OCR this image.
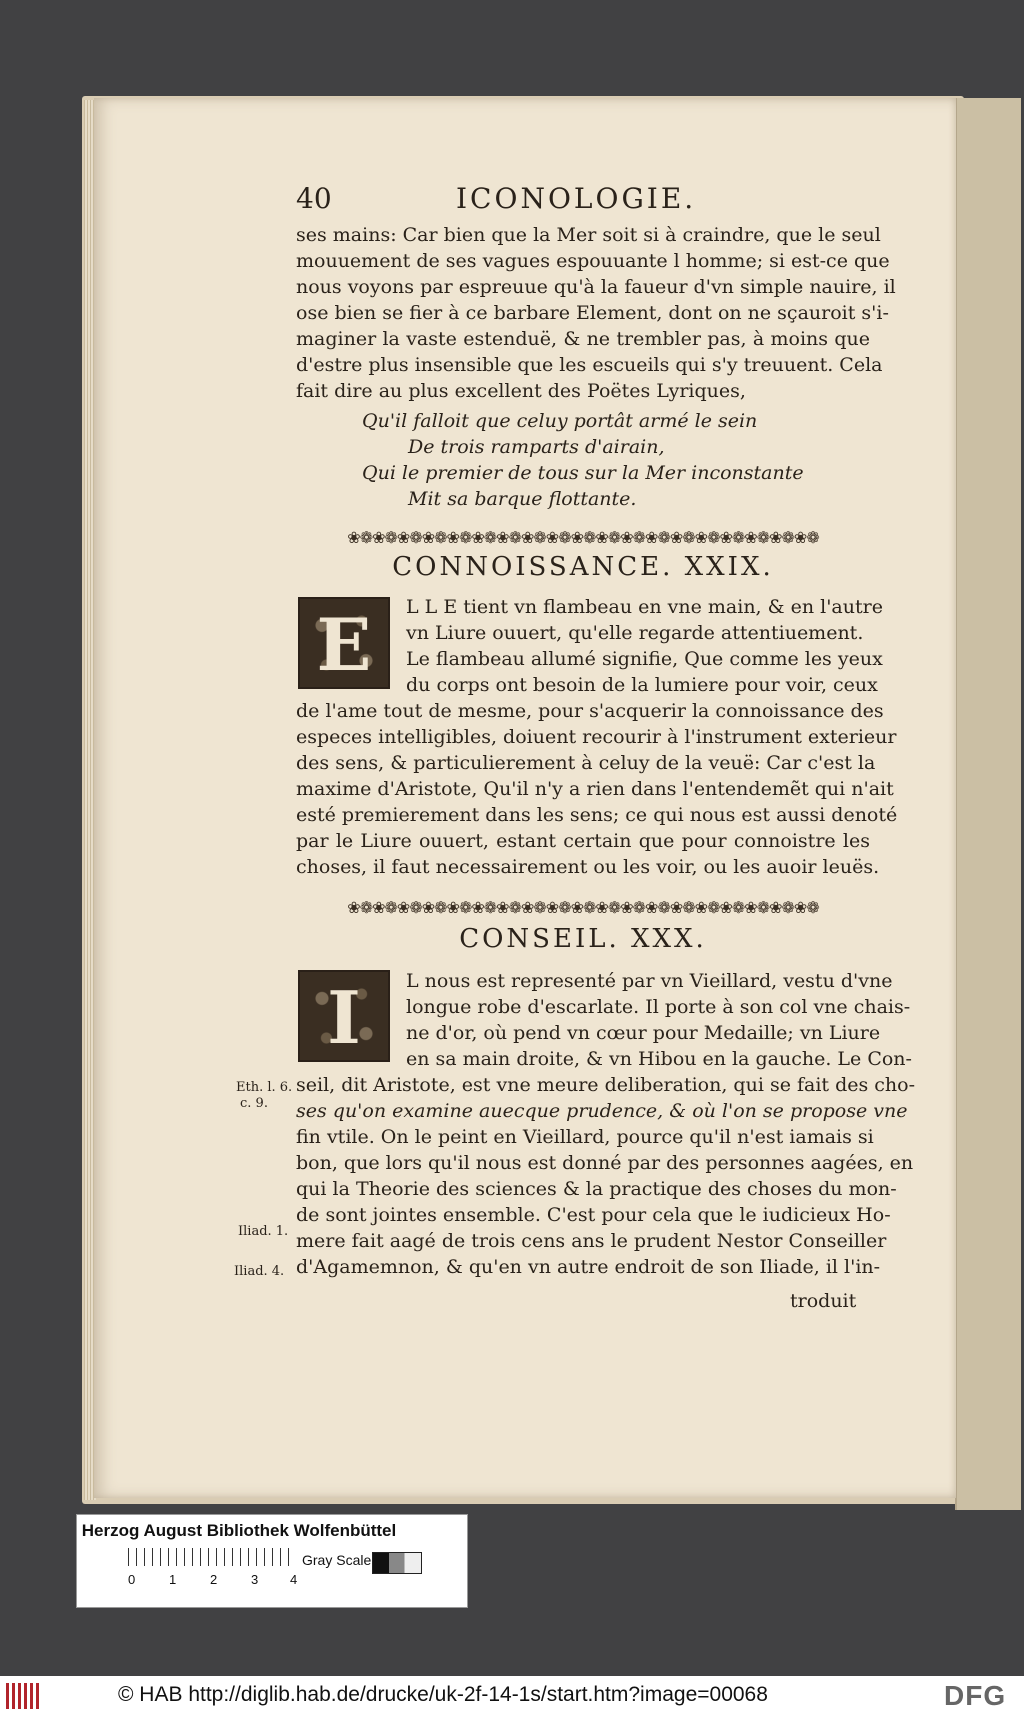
40	ICONOLOGIE.
ses mains: Car bien que la Mer soit si à craindre, que le seul
mouuement de ses vagues espouuante l homme; si est-ce que
nous voyons par espreuue qu'à la faueur d'vn simple nauire, il
ose bien se fier à ce barbare Element, dont on ne sçauroit s'i-
maginer la vaste estenduë, & ne trembler pas, à moins que
d'estre plus insensible que les escueils qui s'y treuuent. Cela
fait dire au plus excellent des Poëtes Lyriques,
Qu'il falloit que celuy portât armé le sein
De trois ramparts d'airain,
Qui le premier de tous sur la Mer inconstante
Mit sa barque flottante.
❀❁❀❁❀❁❀❁❀❁❀❁❀❁❀❁❀❁❀❁❀❁❀❁❀❁❀❁❀❁❀❁❀❁❀❁❀❁
CONNOISSANCE. XXIX.
E	L L E tient vn flambeau en vne main, & en l'autre
vn Liure ouuert, qu'elle regarde attentiuement.
Le flambeau allumé signifie, Que comme les yeux
du corps ont besoin de la lumiere pour voir, ceux
de l'ame tout de mesme, pour s'acquerir la connoissance des
especes intelligibles, doiuent recourir à l'instrument exterieur
des sens, & particulierement à celuy de la veuë: Car c'est la
maxime d'Aristote, Qu'il n'y a rien dans l'entendemẽt qui n'ait
esté premierement dans les sens; ce qui nous est aussi denoté
par le Liure ouuert, estant certain que pour connoistre les
choses, il faut necessairement ou les voir, ou les auoir leuës.
❀❁❀❁❀❁❀❁❀❁❀❁❀❁❀❁❀❁❀❁❀❁❀❁❀❁❀❁❀❁❀❁❀❁❀❁❀❁
CONSEIL. XXX.
I	L nous est representé par vn Vieillard, vestu d'vne
longue robe d'escarlate. Il porte à son col vne chais-
ne d'or, où pend vn cœur pour Medaille; vn Liure
en sa main droite, & vn Hibou en la gauche. Le Con-
seil, dit Aristote, est vne meure deliberation, qui se fait des cho-
ses qu'on examine auecque prudence, & où l'on se propose vne
fin vtile. On le peint en Vieillard, pource qu'il n'est iamais si
bon, que lors qu'il nous est donné par des personnes aagées, en
qui la Theorie des sciences & la practique des choses du mon-
de sont jointes ensemble. C'est pour cela que le iudicieux Ho-
mere fait aagé de trois cens ans le prudent Nestor Conseiller
d'Agamemnon, & qu'en vn autre endroit de son Iliade, il l'in-
Eth. l. 6.
c. 9.
Iliad. 1.
Iliad. 4.
troduit
Herzog August Bibliothek Wolfenbüttel
0	1	2	3 4
Gray Scale
© HAB http://diglib.hab.de/drucke/uk-2f-14-1s/start.htm?image=00068	DFG
